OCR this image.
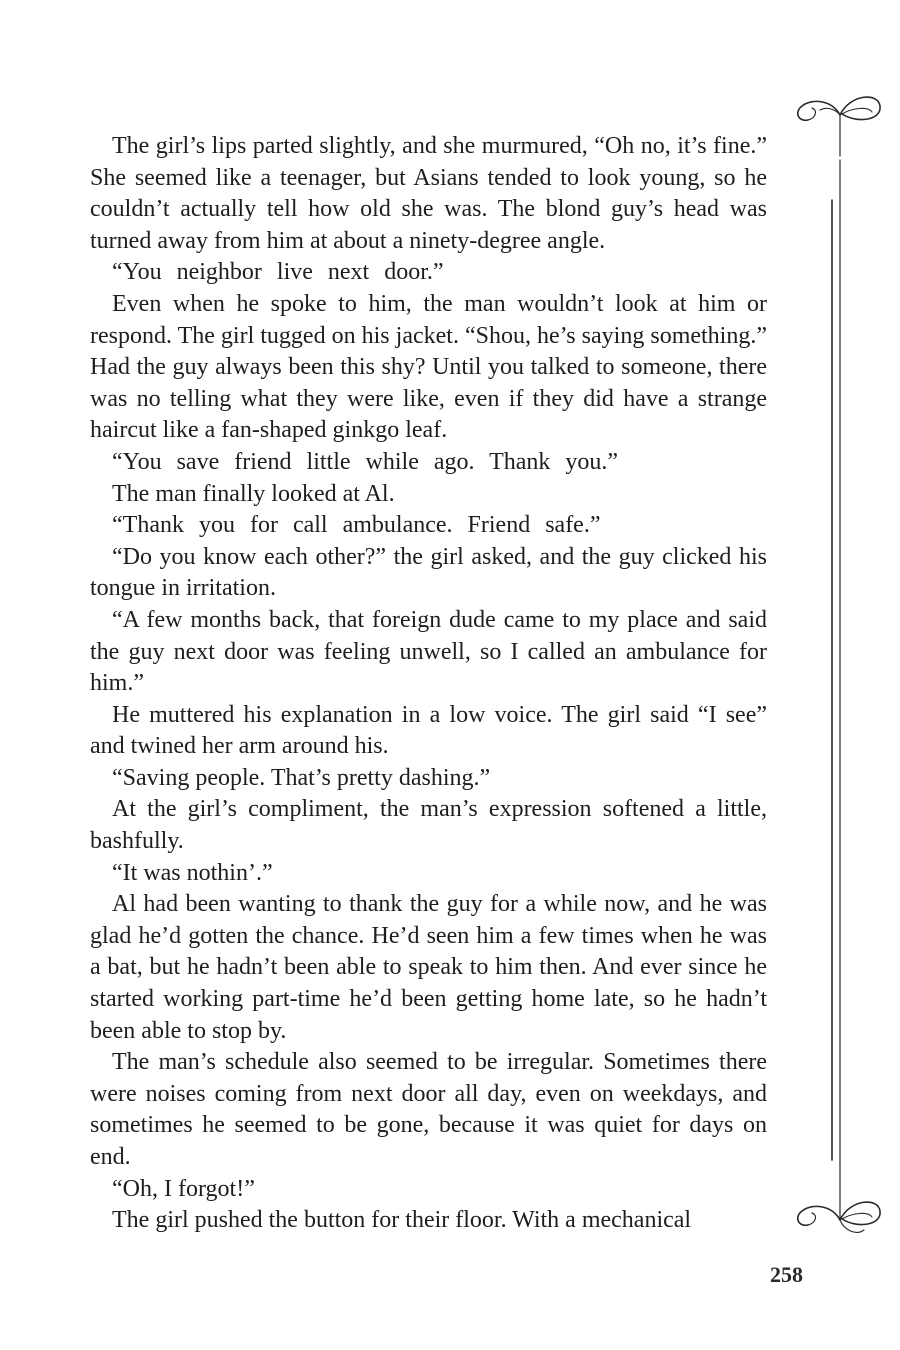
The girl’s lips parted slightly, and she murmured, “Oh no, it’s fine.” She seemed like a teenager, but Asians tended to look young, so he couldn’t actually tell how old she was. The blond guy’s head was turned away from him at about a ninety-degree angle.

“You neighbor live next door.”

Even when he spoke to him, the man wouldn’t look at him or respond. The girl tugged on his jacket. “Shou, he’s saying something.” Had the guy always been this shy? Until you talked to someone, there was no telling what they were like, even if they did have a strange haircut like a fan-shaped ginkgo leaf.

“You save friend little while ago. Thank you.”

The man finally looked at Al.

“Thank you for call ambulance. Friend safe.”

“Do you know each other?” the girl asked, and the guy clicked his tongue in irritation.

“A few months back, that foreign dude came to my place and said the guy next door was feeling unwell, so I called an ambulance for him.”

He muttered his explanation in a low voice. The girl said “I see” and twined her arm around his.

“Saving people. That’s pretty dashing.”

At the girl’s compliment, the man’s expression softened a little, bashfully.

“It was nothin’.”

Al had been wanting to thank the guy for a while now, and he was glad he’d gotten the chance. He’d seen him a few times when he was a bat, but he hadn’t been able to speak to him then. And ever since he started working part-time he’d been getting home late, so he hadn’t been able to stop by.

The man’s schedule also seemed to be irregular. Sometimes there were noises coming from next door all day, even on weekdays, and sometimes he seemed to be gone, because it was quiet for days on end.

“Oh, I forgot!”

The girl pushed the button for their floor. With a mechanical

258
